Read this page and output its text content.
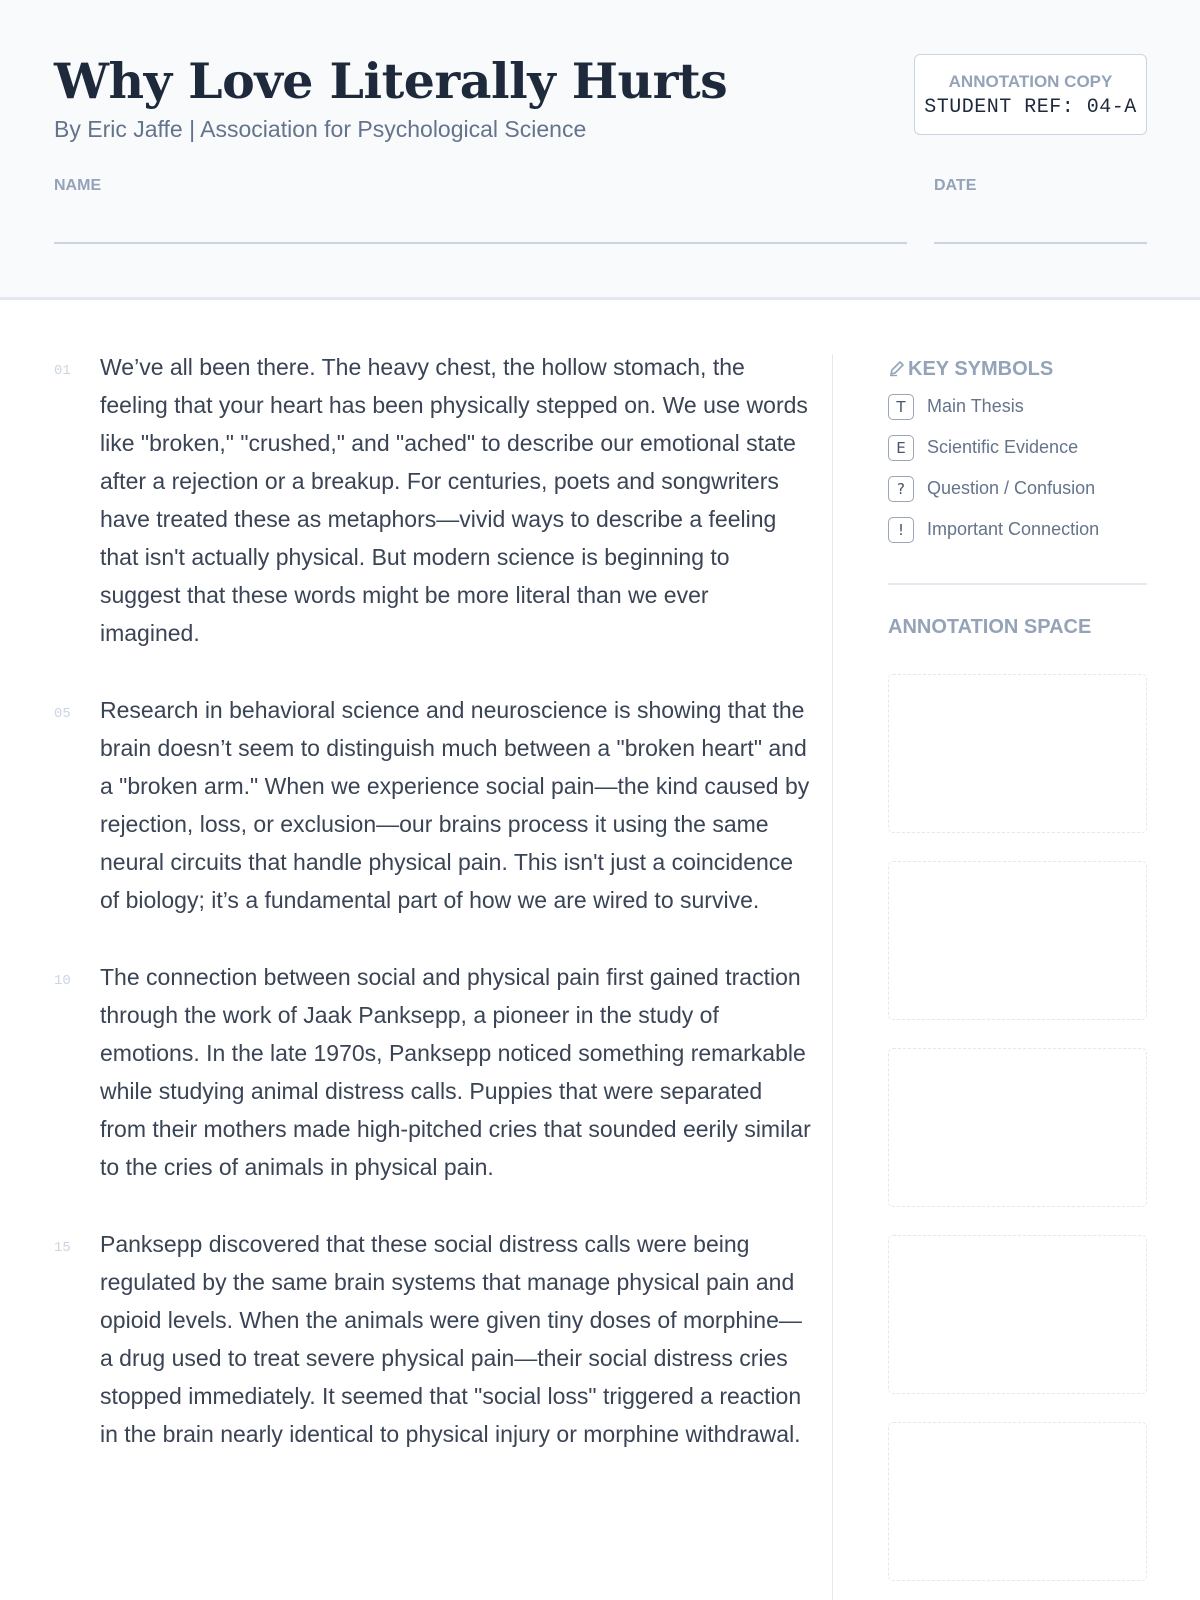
Why Love Literally Hurts
By Eric Jaffe | Association for Psychological Science
ANNOTATION COPY
STUDENT REF: 04-A
NAME	DATE
01 We’ve all been there. The heavy chest, the hollow stomach, the feeling that your heart has been physically stepped on. We use words like "broken," "crushed," and "ached" to describe our emotional state after a rejection or a breakup. For centuries, poets and songwriters have treated these as metaphors—vivid ways to describe a feeling that isn't actually physical. But modern science is beginning to suggest that these words might be more literal than we ever imagined.
05 Research in behavioral science and neuroscience is showing that the brain doesn’t seem to distinguish much between a "broken heart" and a "broken arm." When we experience social pain—the kind caused by rejection, loss, or exclusion—our brains process it using the same neural circuits that handle physical pain. This isn't just a coincidence of biology; it’s a fundamental part of how we are wired to survive.
10 The connection between social and physical pain first gained traction through the work of Jaak Panksepp, a pioneer in the study of emotions. In the late 1970s, Panksepp noticed something remarkable while studying animal distress calls. Puppies that were separated from their mothers made high-pitched cries that sounded eerily similar to the cries of animals in physical pain.
15 Panksepp discovered that these social distress calls were being regulated by the same brain systems that manage physical pain and opioid levels. When the animals were given tiny doses of morphine—a drug used to treat severe physical pain—their social distress cries stopped immediately. It seemed that "social loss" triggered a reaction in the brain nearly identical to physical injury or morphine withdrawal.
KEY SYMBOLS
T	Main Thesis
E	Scientific Evidence
?	Question / Confusion
!	Important Connection
ANNOTATION SPACE
